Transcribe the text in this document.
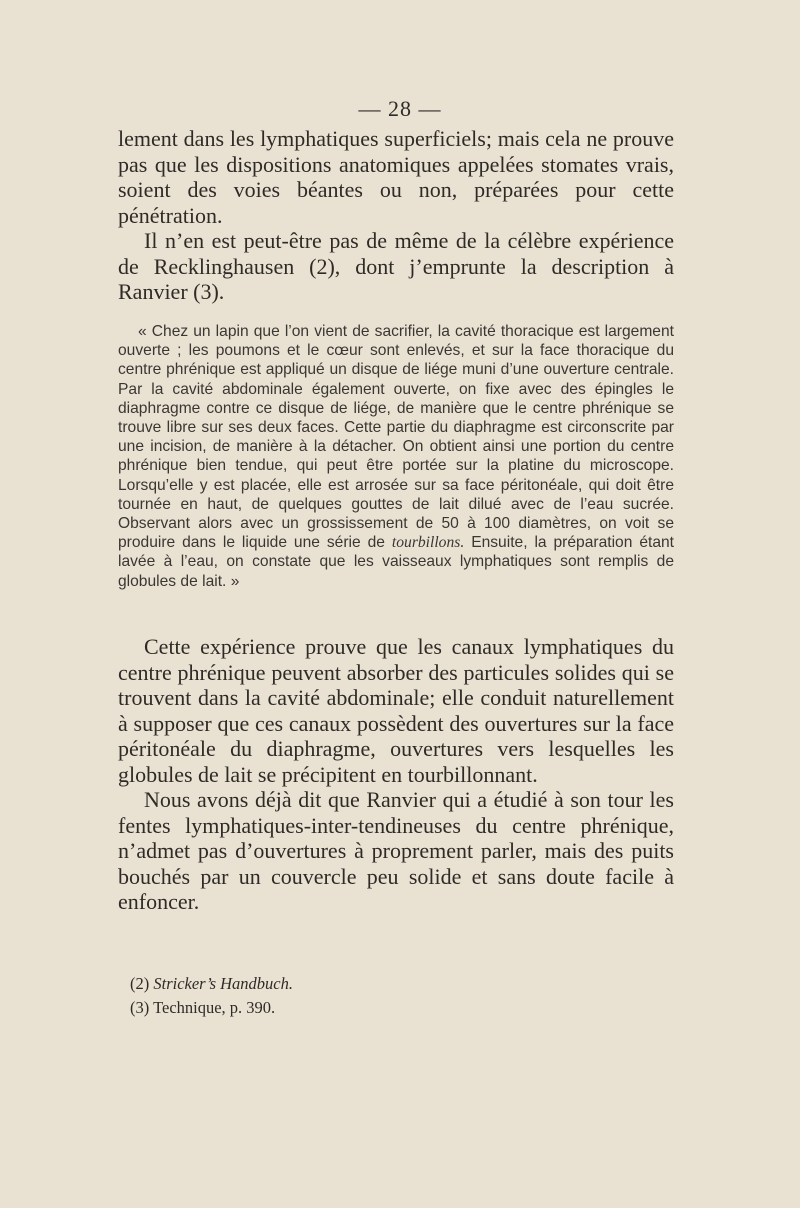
— 28 —

lement dans les lymphatiques superficiels; mais cela ne prouve pas que les dispositions anatomiques appelées stomates vrais, soient des voies béantes ou non, préparées pour cette pénétration.

Il n’en est peut-être pas de même de la célèbre expérience de Recklinghausen (2), dont j’emprunte la description à Ranvier (3).

« Chez un lapin que l’on vient de sacrifier, la cavité thoracique est largement ouverte ; les poumons et le cœur sont enlevés, et sur la face thoracique du centre phrénique est appliqué un disque de liége muni d’une ouverture centrale. Par la cavité abdominale également ouverte, on fixe avec des épingles le diaphragme contre ce disque de liége, de manière que le centre phrénique se trouve libre sur ses deux faces. Cette partie du diaphragme est circonscrite par une incision, de manière à la détacher. On obtient ainsi une portion du centre phrénique bien tendue, qui peut être portée sur la platine du microscope. Lorsqu’elle y est placée, elle est arrosée sur sa face péritonéale, qui doit être tournée en haut, de quelques gouttes de lait dilué avec de l’eau sucrée. Observant alors avec un grossissement de 50 à 100 diamètres, on voit se produire dans le liquide une série de tourbillons. Ensuite, la préparation étant lavée à l’eau, on constate que les vaisseaux lymphatiques sont remplis de globules de lait. »

Cette expérience prouve que les canaux lymphatiques du centre phrénique peuvent absorber des particules solides qui se trouvent dans la cavité abdominale; elle conduit naturellement à supposer que ces canaux possèdent des ouvertures sur la face péritonéale du diaphragme, ouvertures vers lesquelles les globules de lait se précipitent en tourbillonnant.

Nous avons déjà dit que Ranvier qui a étudié à son tour les fentes lymphatiques-inter-tendineuses du centre phrénique, n’admet pas d’ouvertures à proprement parler, mais des puits bouchés par un couvercle peu solide et sans doute facile à enfoncer.

(2) Stricker’s Handbuch.
(3) Technique, p. 390.
